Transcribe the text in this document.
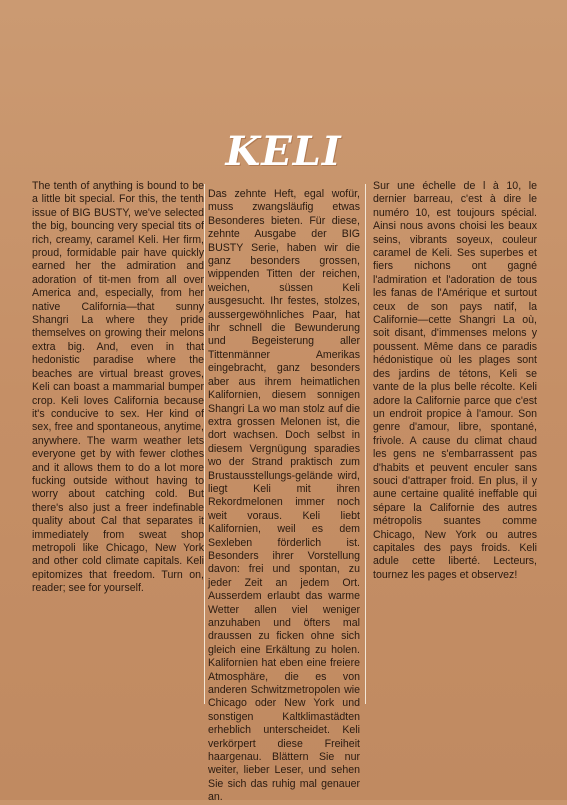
KELI
The tenth of anything is bound to be a little bit special. For this, the tenth issue of BIG BUSTY, we've selected the big, bouncing very special tits of rich, creamy, caramel Keli. Her firm, proud, formidable pair have quickly earned her the admiration and adoration of tit-men from all over America and, especially, from her native California—that sunny Shangri La where they pride themselves on growing their melons extra big. And, even in that hedonistic paradise where the beaches are virtual breast groves, Keli can boast a mammarial bumper crop. Keli loves California because it's conducive to sex. Her kind of sex, free and spontaneous, anytime, anywhere. The warm weather lets everyone get by with fewer clothes and it allows them to do a lot more fucking outside without having to worry about catching cold. But there's also just a freer indefinable quality about Cal that separates it immediately from sweat shop metropoli like Chicago, New York and other cold climate capitals. Keli epitomizes that freedom. Turn on, reader; see for yourself.
Das zehnte Heft, egal wofür, muss zwangsläufig etwas Besonderes bieten. Für diese, zehnte Ausgabe der BIG BUSTY Serie, haben wir die ganz besonders grossen, wippenden Titten der reichen, weichen, süssen Keli ausgesucht. Ihr festes, stolzes, aussergewöhnliches Paar, hat ihr schnell die Bewunderung und Begeisterung aller Tittenmänner Amerikas eingebracht, ganz besonders aber aus ihrem heimatlichen Kalifornien, diesem sonnigen Shangri La wo man stolz auf die extra grossen Melonen ist, die dort wachsen. Doch selbst in diesem Vergnügung sparadies wo der Strand praktisch zum Brustausstellungs-gelände wird, liegt Keli mit ihren Rekordmelonen immer noch weit voraus. Keli liebt Kalifornien, weil es dem Sexleben förderlich ist. Besonders ihrer Vorstellung davon: frei und spontan, zu jeder Zeit an jedem Ort. Ausserdem erlaubt das warme Wetter allen viel weniger anzuhaben und öfters mal draussen zu ficken ohne sich gleich eine Erkältung zu holen. Kalifornien hat eben eine freiere Atmosphäre, die es von anderen Schwitzmetropolen wie Chicago oder New York und sonstigen Kaltklimastädten erheblich unterscheidet. Keli verkörpert diese Freiheit haargenau. Blättern Sie nur weiter, lieber Leser, und sehen Sie sich das ruhig mal genauer an.
Sur une échelle de l à 10, le dernier barreau, c'est à dire le numéro 10, est toujours spécial. Ainsi nous avons choisi les beaux seins, vibrants soyeux, couleur caramel de Keli. Ses superbes et fiers nichons ont gagné l'admiration et l'adoration de tous les fanas de l'Amérique et surtout ceux de son pays natif, la Californie—cette Shangri La où, soit disant, d'immenses melons y poussent. Même dans ce paradis hédonistique où les plages sont des jardins de tétons, Keli se vante de la plus belle récolte. Keli adore la Californie parce que c'est un endroit propice à l'amour. Son genre d'amour, libre, spontané, frivole. A cause du climat chaud les gens ne s'embarrassent pas d'habits et peuvent enculer sans souci d'attraper froid. En plus, il y aune certaine qualité ineffable qui sépare la Californie des autres métropolis suantes comme Chicago, New York ou autres capitales des pays froids. Keli adule cette liberté. Lecteurs, tournez les pages et observez!
